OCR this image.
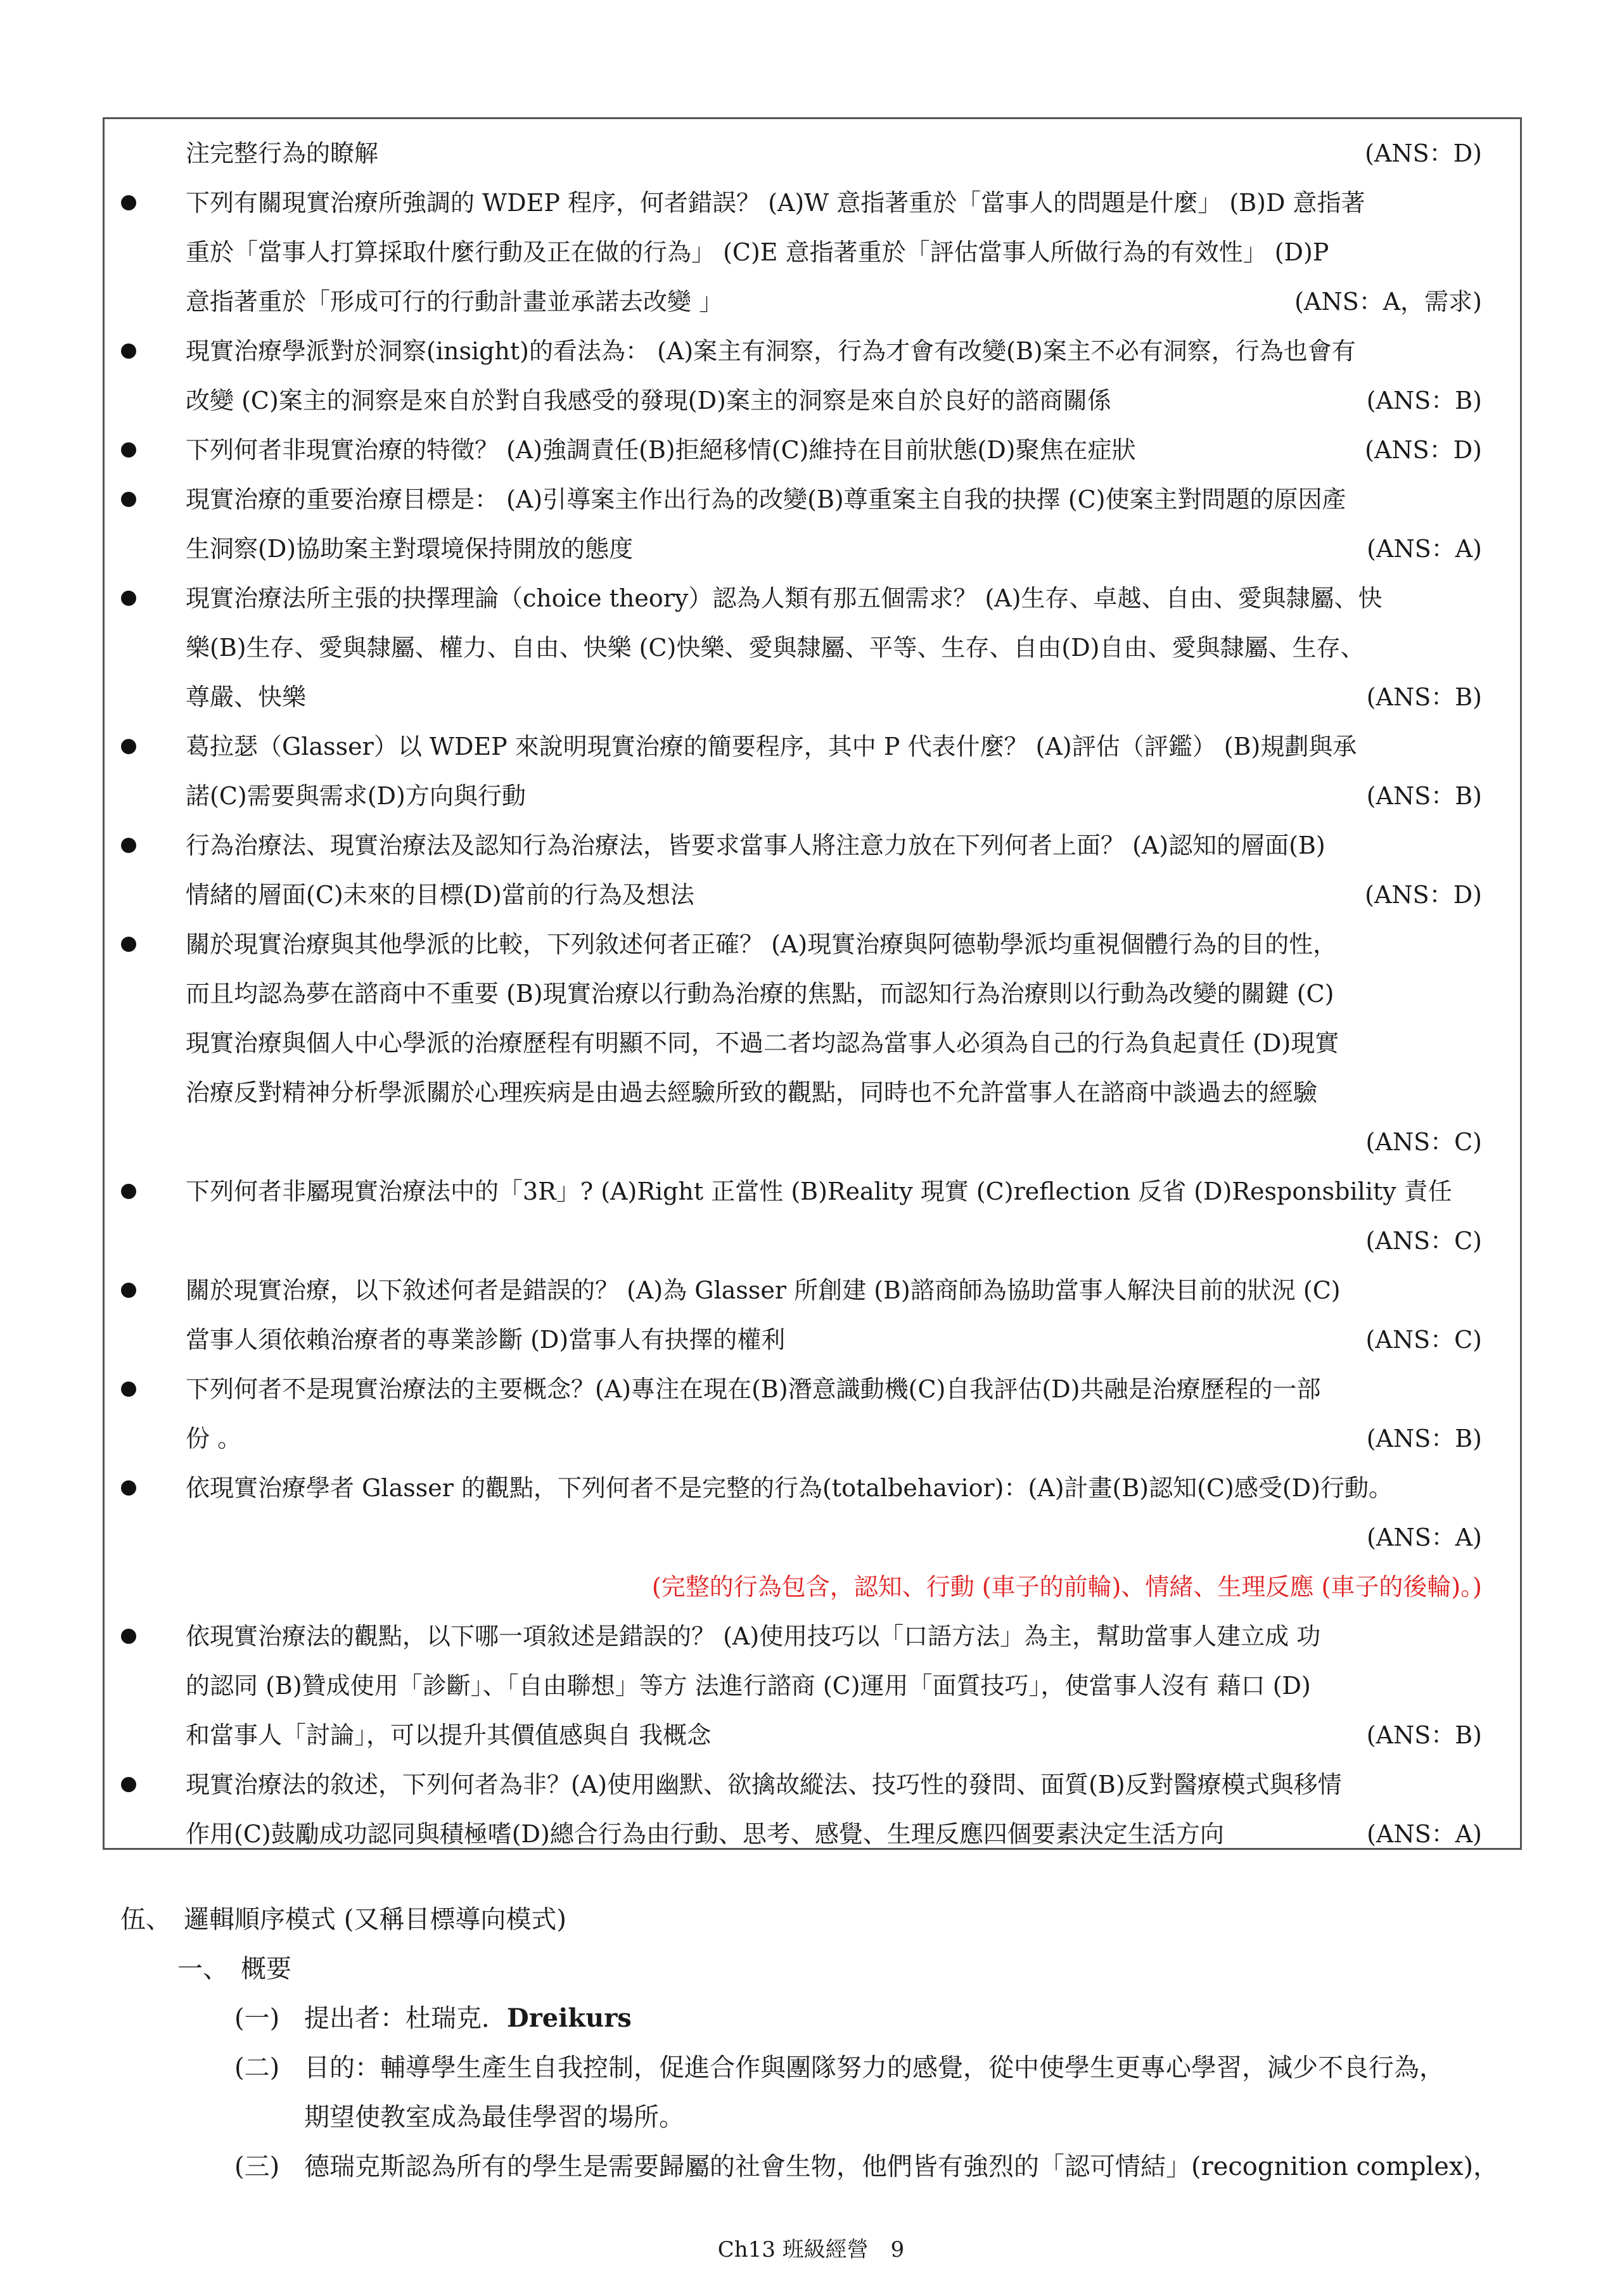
注完整行為的瞭解	(ANS：D)
下列有關現實治療所強調的 WDEP 程序，何者錯誤？ (A)W 意指著重於「當事人的問題是什麼」 (B)D 意指著
重於「當事人打算採取什麼行動及正在做的行為」 (C)E 意指著重於「評估當事人所做行為的有效性」 (D)P
意指著重於「形成可行的行動計畫並承諾去改變 」	(ANS：A，需求)
現實治療學派對於洞察(insight)的看法為： (A)案主有洞察，行為才會有改變(B)案主不必有洞察，行為也會有
改變 (C)案主的洞察是來自於對自我感受的發現(D)案主的洞察是來自於良好的諮商關係	(ANS：B)
下列何者非現實治療的特徵？ (A)強調責任(B)拒絕移情(C)維持在目前狀態(D)聚焦在症狀	(ANS：D)
現實治療的重要治療目標是： (A)引導案主作出行為的改變(B)尊重案主自我的抉擇 (C)使案主對問題的原因產
生洞察(D)協助案主對環境保持開放的態度	(ANS：A)
現實治療法所主張的抉擇理論（choice theory）認為人類有那五個需求？ (A)生存、卓越、自由、愛與隸屬、快
樂(B)生存、愛與隸屬、權力、自由、快樂 (C)快樂、愛與隸屬、平等、生存、自由(D)自由、愛與隸屬、生存、
尊嚴、快樂	(ANS：B)
葛拉瑟（Glasser）以 WDEP 來說明現實治療的簡要程序，其中 P 代表什麼？ (A)評估（評鑑） (B)規劃與承
諾(C)需要與需求(D)方向與行動	(ANS：B)
行為治療法、現實治療法及認知行為治療法，皆要求當事人將注意力放在下列何者上面？ (A)認知的層面(B)
情緒的層面(C)未來的目標(D)當前的行為及想法	(ANS：D)
關於現實治療與其他學派的比較，下列敘述何者正確？ (A)現實治療與阿德勒學派均重視個體行為的目的性，
而且均認為夢在諮商中不重要 (B)現實治療以行動為治療的焦點，而認知行為治療則以行動為改變的關鍵 (C)
現實治療與個人中心學派的治療歷程有明顯不同，不過二者均認為當事人必須為自己的行為負起責任 (D)現實
治療反對精神分析學派關於心理疾病是由過去經驗所致的觀點，同時也不允許當事人在諮商中談過去的經驗
(ANS：C)
下列何者非屬現實治療法中的「3R」? (A)Right 正當性 (B)Reality 現實 (C)reflection 反省 (D)Responsbility 責任
(ANS：C)
關於現實治療，以下敘述何者是錯誤的？ (A)為 Glasser 所創建 (B)諮商師為協助當事人解決目前的狀況 (C)
當事人須依賴治療者的專業診斷 (D)當事人有抉擇的權利	(ANS：C)
下列何者不是現實治療法的主要概念？(A)專注在現在(B)潛意識動機(C)自我評估(D)共融是治療歷程的一部
份 。	(ANS：B)
依現實治療學者 Glasser 的觀點，下列何者不是完整的行為(totalbehavior)：(A)計畫(B)認知(C)感受(D)行動。
(ANS：A)
(完整的行為包含，認知、行動 (車子的前輪)、情緒、生理反應 (車子的後輪)。)
依現實治療法的觀點，以下哪一項敘述是錯誤的？ (A)使用技巧以「口語方法」為主，幫助當事人建立成 功
的認同 (B)贊成使用「診斷」、「自由聯想」等方 法進行諮商 (C)運用「面質技巧」，使當事人沒有 藉口 (D)
和當事人「討論」，可以提升其價值感與自 我概念	(ANS：B)
現實治療法的敘述，下列何者為非？(A)使用幽默、欲擒故縱法、技巧性的發問、面質(B)反對醫療模式與移情
作用(C)鼓勵成功認同與積極嗜(D)總合行為由行動、思考、感覺、生理反應四個要素決定生活方向	(ANS：A)
伍、 邏輯順序模式 (又稱目標導向模式)
一、 概要
(一) 提出者：杜瑞克．Dreikurs
(二) 目的：輔導學生產生自我控制，促進合作與團隊努力的感覺，從中使學生更專心學習，減少不良行為，
期望使教室成為最佳學習的場所。
(三) 德瑞克斯認為所有的學生是需要歸屬的社會生物，他們皆有強烈的「認可情結」(recognition complex)，
Ch13 班級經營 9
